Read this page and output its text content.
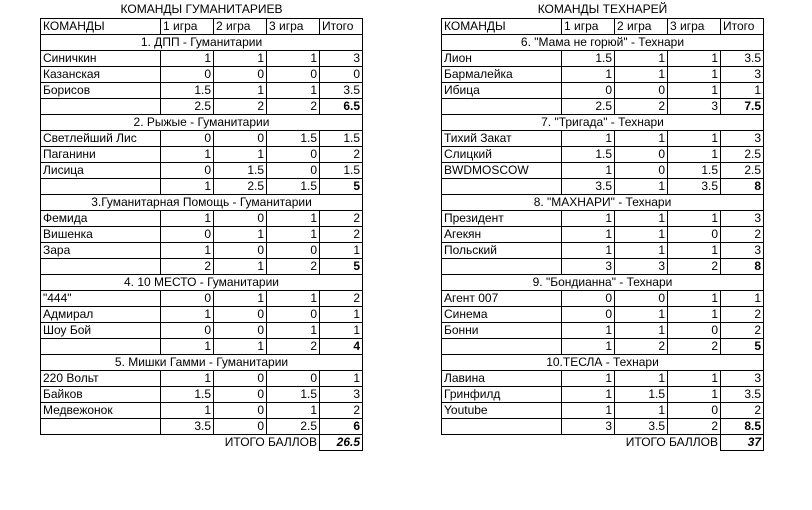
КОМАНДЫ ГУМАНИТАРИЕВ				
КОМАНДЫ	1 игра	2 игра	3 игра	Итого
1. ДПП - Гуманитарии				
Синичкин	1	1	1	3
Казанская	0	0	0	0
Борисов	1.5	1	1	3.5
	2.5	2	2	6.5
2. Рыжые - Гуманитарии				
Светлейший Лис	0	0	1.5	1.5
Паганини	1	1	0	2
Лисица	0	1.5	0	1.5
	1	2.5	1.5	5
3.Гуманитарная Помощь - Гуманитарии				
Фемида	1	0	1	2
Вишенка	0	1	1	2
Зара	1	0	0	1
	2	1	2	5
4. 10 МЕСТО - Гуманитарии				
"444"	0	1	1	2
Адмирал	1	0	0	1
Шоу Бой	0	0	1	1
	1	1	2	4
5. Мишки Гамми - Гуманитарии				
220 Вольт	1	0	0	1
Байков	1.5	0	1.5	3
Медвежонок	1	0	1	2
	3.5	0	2.5	6
ИТОГО БАЛЛОВ				26.5
КОМАНДЫ ТЕХНАРЕЙ				
КОМАНДЫ	1 игра	2 игра	3 игра	Итого
6. "Мама не горюй" - Технари				
Лион	1.5	1	1	3.5
Бармалейка	1	1	1	3
Ибица	0	0	1	1
	2.5	2	3	7.5
7. "Тригада" - Технари				
Тихий Закат	1	1	1	3
Слицкий	1.5	0	1	2.5
BWDMOSCOW	1	0	1.5	2.5
	3.5	1	3.5	8
8. "МАХНАРИ" - Технари				
Президент	1	1	1	3
Агекян	1	1	0	2
Польский	1	1	1	3
	3	3	2	8
9. "Бондианна" - Технари				
Агент 007	0	0	1	1
Синема	0	1	1	2
Бонни	1	1	0	2
	1	2	2	5
10.ТЕСЛА - Технари				
Лавина	1	1	1	3
Гринфилд	1	1.5	1	3.5
Youtube	1	1	0	2
	3	3.5	2	8.5
ИТОГО БАЛЛОВ				37
